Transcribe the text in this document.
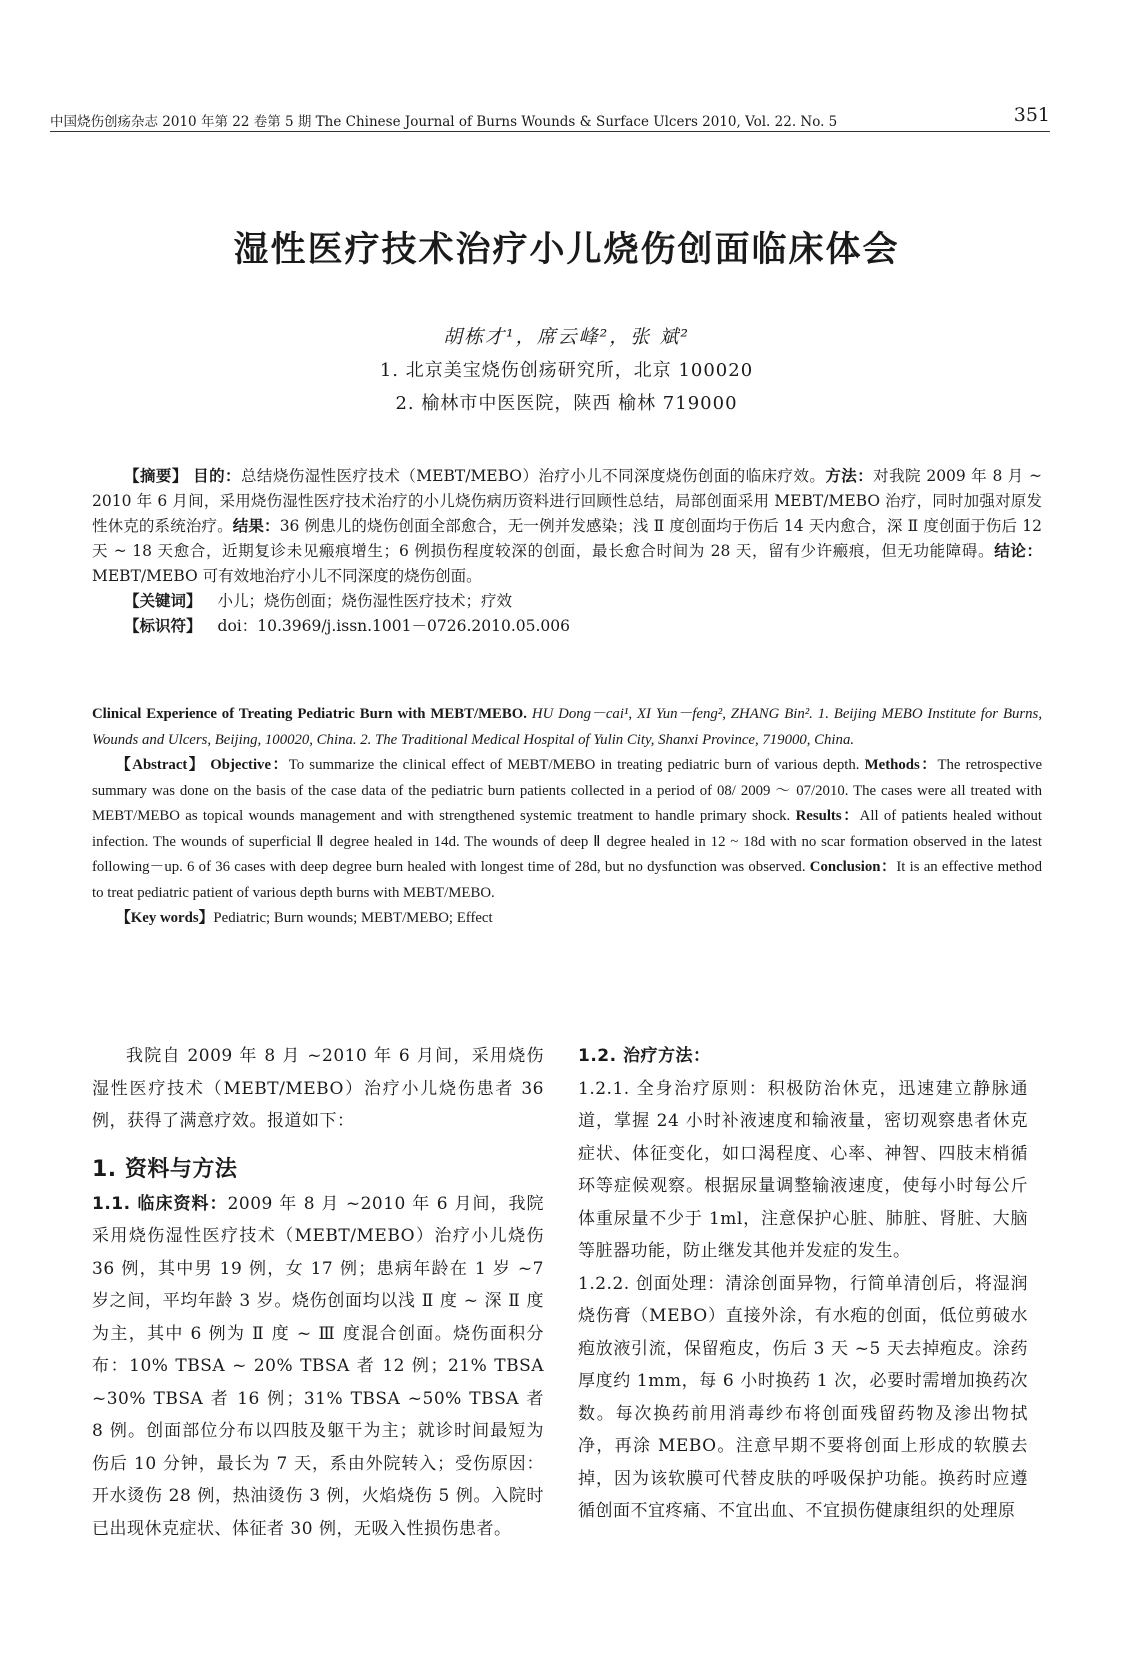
中国烧伤创疡杂志 2010 年第 22 卷第 5 期 The Chinese Journal of Burns Wounds & Surface Ulcers 2010, Vol. 22. No. 5	351
湿性医疗技术治疗小儿烧伤创面临床体会
胡栋才¹，席云峰²，张 斌²
1. 北京美宝烧伤创疡研究所，北京 100020
2. 榆林市中医医院，陕西 榆林 719000

【摘要】 目的：总结烧伤湿性医疗技术（MEBT/MEBO）治疗小儿不同深度烧伤创面的临床疗效。方法：对我院 2009 年 8 月 ~ 2010 年 6 月间，采用烧伤湿性医疗技术治疗的小儿烧伤病历资料进行回顾性总结，局部创面采用 MEBT/MEBO 治疗，同时加强对原发性休克的系统治疗。结果：36 例患儿的烧伤创面全部愈合，无一例并发感染；浅 Ⅱ 度创面均于伤后 14 天内愈合，深 Ⅱ 度创面于伤后 12 天 ~ 18 天愈合，近期复诊未见瘢痕增生；6 例损伤程度较深的创面，最长愈合时间为 28 天，留有少许瘢痕，但无功能障碍。结论：MEBT/MEBO 可有效地治疗小儿不同深度的烧伤创面。

【关键词】 小儿；烧伤创面；烧伤湿性医疗技术；疗效

【标识符】 doi：10.3969/j.issn.1001－0726.2010.05.006

Clinical Experience of Treating Pediatric Burn with MEBT/MEBO. HU Dong－cai¹, XI Yun－feng², ZHANG Bin². 1. Beijing MEBO Institute for Burns, Wounds and Ulcers, Beijing, 100020, China. 2. The Traditional Medical Hospital of Yulin City, Shanxi Province, 719000, China.

【Abstract】 Objective：To summarize the clinical effect of MEBT/MEBO in treating pediatric burn of various depth. Methods：The retrospective summary was done on the basis of the case data of the pediatric burn patients collected in a period of 08/ 2009 ～ 07/2010. The cases were all treated with MEBT/MEBO as topical wounds management and with strengthened systemic treatment to handle primary shock. Results：All of patients healed without infection. The wounds of superficial Ⅱ degree healed in 14d. The wounds of deep Ⅱ degree healed in 12 ~ 18d with no scar formation observed in the latest following－up. 6 of 36 cases with deep degree burn healed with longest time of 28d, but no dysfunction was observed. Conclusion：It is an effective method to treat pediatric patient of various depth burns with MEBT/MEBO.

【Key words】Pediatric; Burn wounds; MEBT/MEBO; Effect

我院自 2009 年 8 月 ~2010 年 6 月间，采用烧伤湿性医疗技术（MEBT/MEBO）治疗小儿烧伤患者 36 例，获得了满意疗效。报道如下：

1. 资料与方法

1.1. 临床资料：2009 年 8 月 ~2010 年 6 月间，我院采用烧伤湿性医疗技术（MEBT/MEBO）治疗小儿烧伤 36 例，其中男 19 例，女 17 例；患病年龄在 1 岁 ~7 岁之间，平均年龄 3 岁。烧伤创面均以浅 Ⅱ 度 ~ 深 Ⅱ 度为主，其中 6 例为 Ⅱ 度 ~ Ⅲ 度混合创面。烧伤面积分布：10% TBSA ~ 20% TBSA 者 12 例；21% TBSA ~30% TBSA 者 16 例；31% TBSA ~50% TBSA 者 8 例。创面部位分布以四肢及躯干为主；就诊时间最短为伤后 10 分钟，最长为 7 天，系由外院转入；受伤原因：开水烫伤 28 例，热油烫伤 3 例，火焰烧伤 5 例。入院时已出现休克症状、体征者 30 例，无吸入性损伤患者。

1.2. 治疗方法：

1.2.1. 全身治疗原则：积极防治休克，迅速建立静脉通道，掌握 24 小时补液速度和输液量，密切观察患者休克症状、体征变化，如口渴程度、心率、神智、四肢末梢循环等症候观察。根据尿量调整输液速度，使每小时每公斤体重尿量不少于 1ml，注意保护心脏、肺脏、肾脏、大脑等脏器功能，防止继发其他并发症的发生。

1.2.2. 创面处理：清涂创面异物，行简单清创后，将湿润烧伤膏（MEBO）直接外涂，有水疱的创面，低位剪破水疱放液引流，保留疱皮，伤后 3 天 ~5 天去掉疱皮。涂药厚度约 1mm，每 6 小时换药 1 次，必要时需增加换药次数。每次换药前用消毒纱布将创面残留药物及渗出物拭净，再涂 MEBO。注意早期不要将创面上形成的软膜去掉，因为该软膜可代替皮肤的呼吸保护功能。换药时应遵循创面不宜疼痛、不宜出血、不宜损伤健康组织的处理原
